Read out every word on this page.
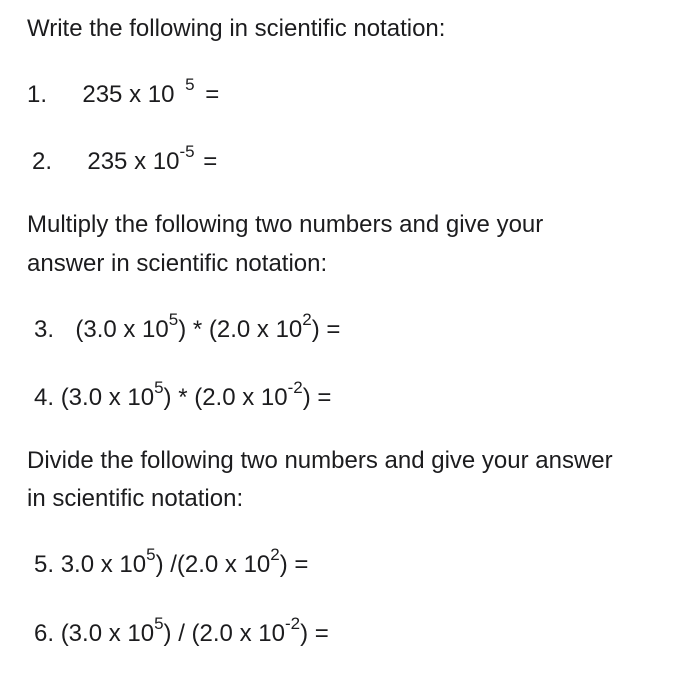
Write the following in scientific notation:
1. 235 x 10 $^5$ =
2. 235 x $10^{-5}$ =
Multiply the following two numbers and give your
answer in scientific notation:
3. (3.0 x $10^5) * (2.0$ x $10^2$) =
4. (3.0 x $10^5) * (2.0$ x $10^{-2}$) =
Divide the following two numbers and give your answer
in scientific notation:
5. 3.0 x $10^5$) /(2.0 x $10^2$) =
6. (3.0 x $10^5) / (2.0$ x $10^{-2}$) =
